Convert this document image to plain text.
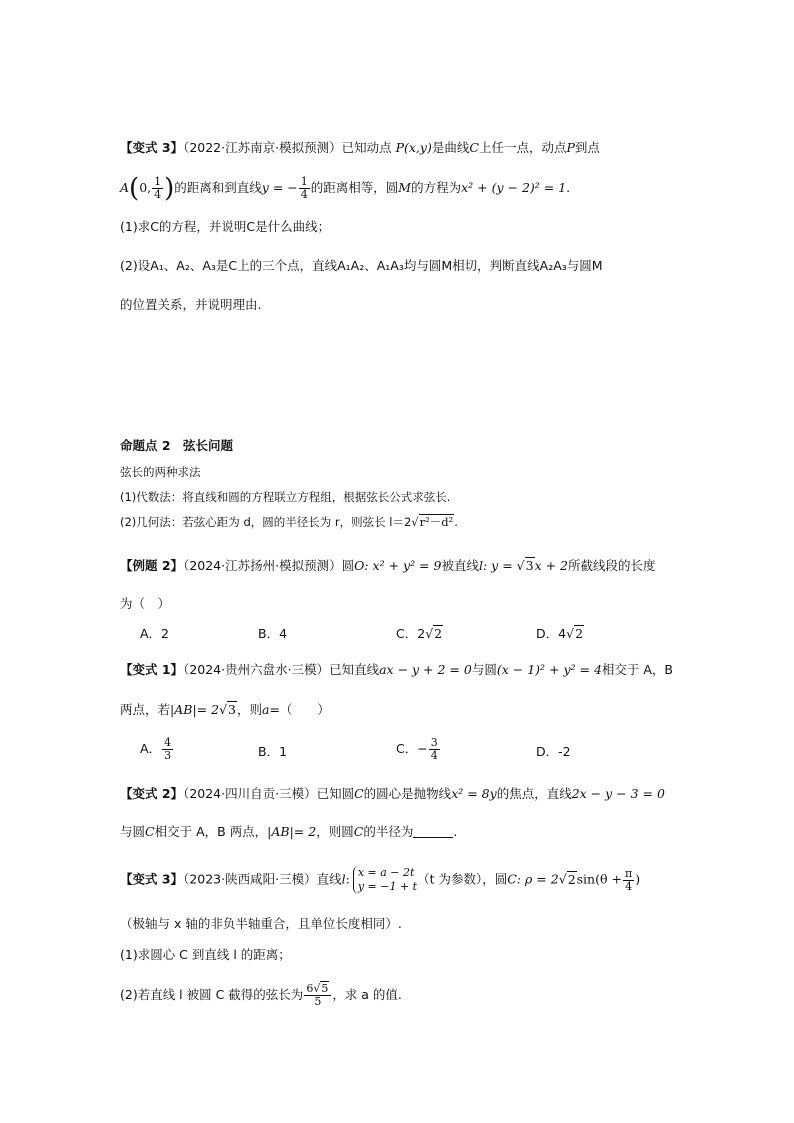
【变式 3】（2022·江苏南京·模拟预测）已知动点 P(x,y)是曲线C上任一点，动点P到点
A(0, $\frac{1}{4}$ )的距离和到直线y = − $\frac{1}{4}$ 的距离相等，圆M的方程为x² + (y − 2)² = 1.
(1)求C的方程，并说明C是什么曲线；
(2)设A₁、A₂、A₃是C上的三个点，直线A₁A₂、A₁A₃均与圆M相切，判断直线A₂A₃与圆M
的位置关系，并说明理由.
命题点 2　弦长问题
弦长的两种求法
(1)代数法：将直线和圆的方程联立方程组，根据弦长公式求弦长.
(2)几何法：若弦心距为 d，圆的半径长为 r，则弦长 l＝2√r²－d².
【例题 2】（2024·江苏扬州·模拟预测）圆O: x² + y² = 9被直线l: y = √3x + 2所截线段的长度
为（　）
A．2	B．4	C．2√2	D．4√2
【变式 1】（2024·贵州六盘水·三模）已知直线ax − y + 2 = 0与圆(x − 1)² + y² = 4相交于 A，B
两点，若|AB|= 2√3，则a=（　　）
A． $\frac{4}{3}$	B．1	C．− $\frac{3}{4}$	D．-2
【变式 2】（2024·四川自贡·三模）已知圆C的圆心是抛物线x² = 8y的焦点，直线2x − y − 3 = 0
与圆C相交于 A，B 两点，|AB|= 2，则圆C的半径为	.
【变式 3】（2023·陕西咸阳·三模）直线l: x = a − 2t
y = −1 + t （t 为参数），圆C: $\rho = 2√2\sin(\theta + \frac{\pi}{4}$ )
（极轴与 x 轴的非负半轴重合，且单位长度相同）.
(1)求圆心 C 到直线 l 的距离；
(2)若直线 l 被圆 C 截得的弦长为 $\frac{6√5}{5}$ ，求 a 的值.
